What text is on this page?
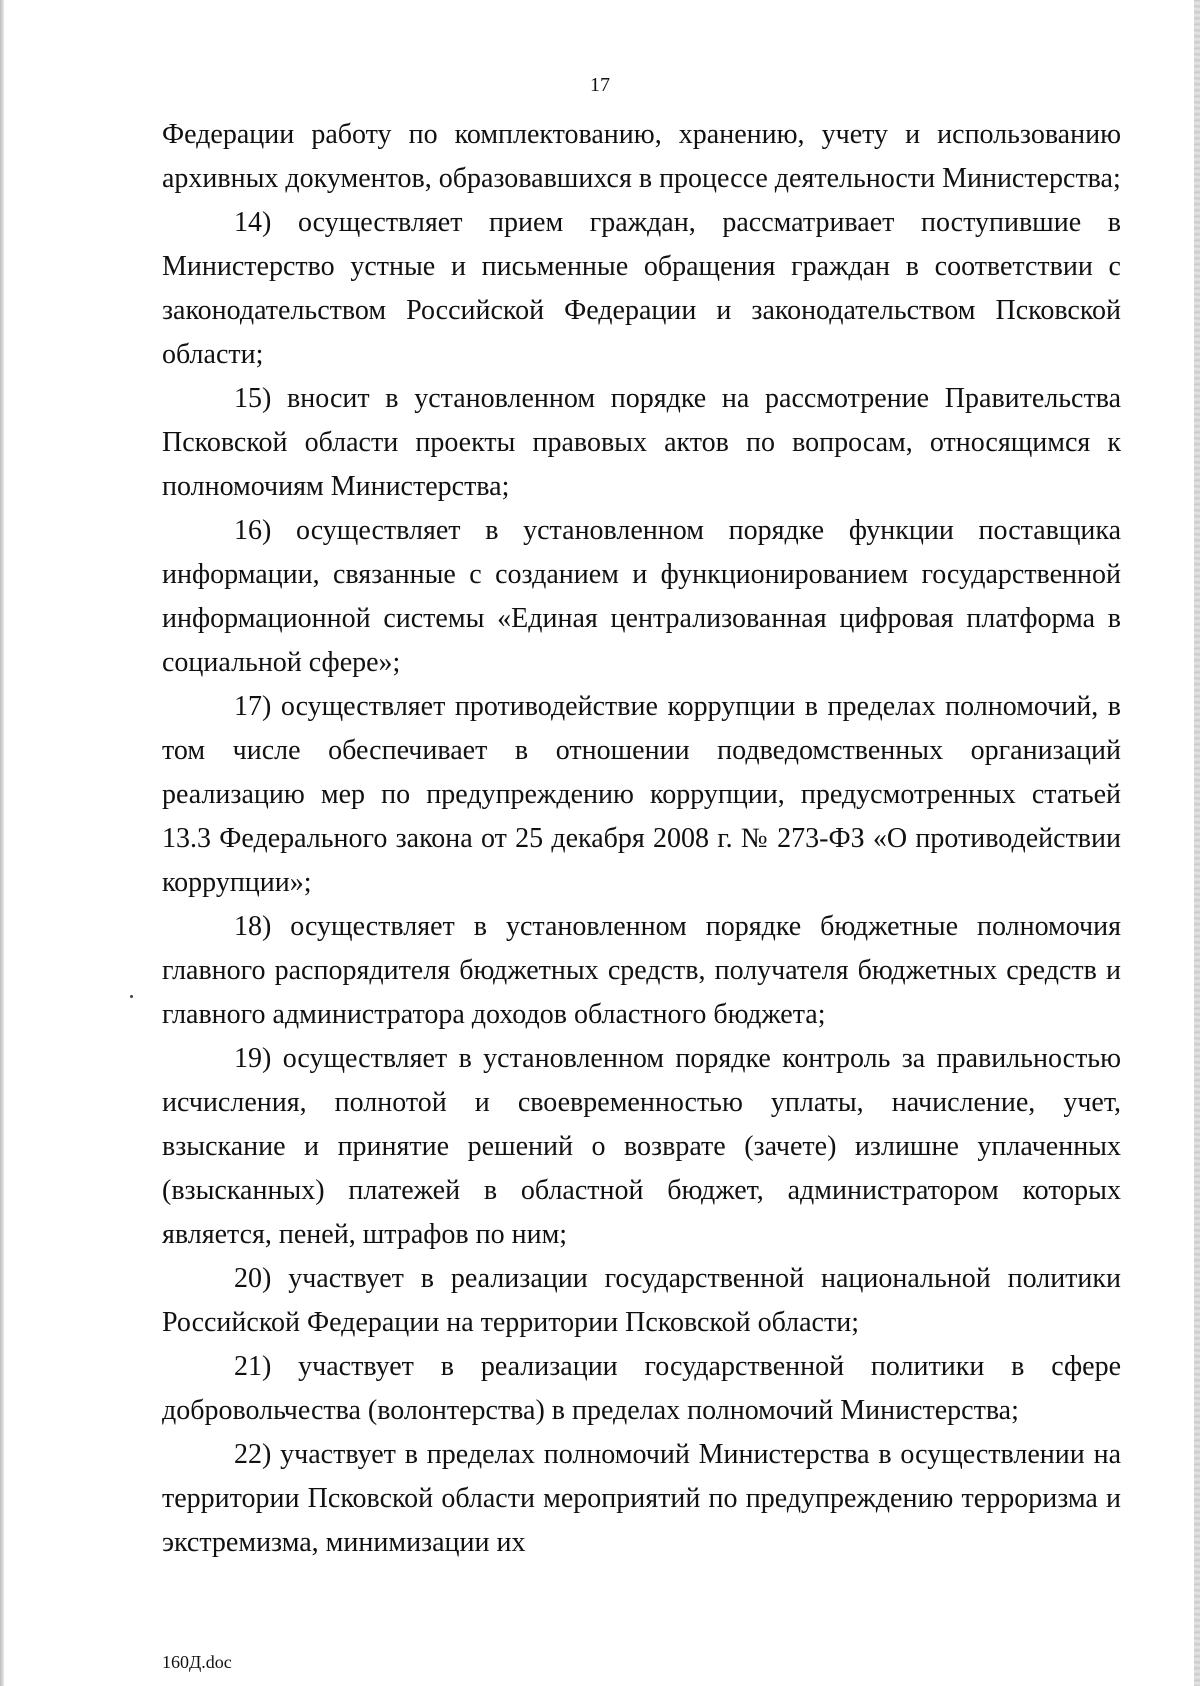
17

Федерации работу по комплектованию, хранению, учету и использованию архивных документов, образовавшихся в процессе деятельности Министерства;

14) осуществляет прием граждан, рассматривает поступившие в Министерство устные и письменные обращения граждан в соответствии с законодательством Российской Федерации и законодательством Псковской области;

15) вносит в установленном порядке на рассмотрение Правительства Псковской области проекты правовых актов по вопросам, относящимся к полномочиям Министерства;

16) осуществляет в установленном порядке функции поставщика информации, связанные с созданием и функционированием государственной информационной системы «Единая централизованная цифровая платформа в социальной сфере»;

17) осуществляет противодействие коррупции в пределах полномочий, в том числе обеспечивает в отношении подведомственных организаций реализацию мер по предупреждению коррупции, предусмотренных статьей 13.3 Федерального закона от 25 декабря 2008 г. № 273-ФЗ «О противодействии коррупции»;

18) осуществляет в установленном порядке бюджетные полномочия главного распорядителя бюджетных средств, получателя бюджетных средств и главного администратора доходов областного бюджета;

19) осуществляет в установленном порядке контроль за правильностью исчисления, полнотой и своевременностью уплаты, начисление, учет, взыскание и принятие решений о возврате (зачете) излишне уплаченных (взысканных) платежей в областной бюджет, администратором которых является, пеней, штрафов по ним;

20) участвует в реализации государственной национальной политики Российской Федерации на территории Псковской области;

21) участвует в реализации государственной политики в сфере добровольчества (волонтерства) в пределах полномочий Министерства;

22) участвует в пределах полномочий Министерства в осуществлении на территории Псковской области мероприятий по предупреждению терроризма и экстремизма, минимизации их

160Д.doc
